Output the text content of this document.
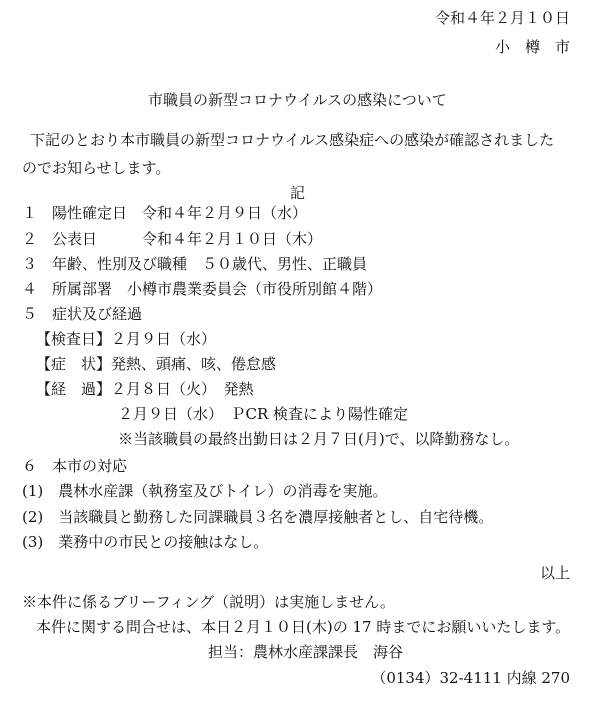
令和４年２月１０日
小　樽　市
市職員の新型コロナウイルスの感染について
下記のとおり本市職員の新型コロナウイルス感染症への感染が確認されました
のでお知らせします。
記
１ 陽性確定日 令和４年２月９日（水）
２ 公表日	令和４年２月１０日（木）
３ 年齢、性別及び職種　５０歳代、男性、正職員
４ 所属部署　小樽市農業委員会（市役所別館４階）
５ 症状及び経過
【検査日】２月９日（水）
【症　状】発熱、頭痛、咳、倦怠感
【経　過】２月８日（火）　発熱
２月９日（水）　ＰCR 検査により陽性確定
※当該職員の最終出勤日は２月７日(月)で、以降勤務なし。
６ 本市の対応
(1)　農林水産課（執務室及びトイレ）の消毒を実施。
(2)　当該職員と勤務した同課職員３名を濃厚接触者とし、自宅待機。
(3)　業務中の市民との接触はなし。
以上
※本件に係るブリーフィング（説明）は実施しません。
本件に関する問合せは、本日２月１０日(木)の 17 時までにお願いいたします。
担当：農林水産課課長　海谷
（0134）32-4111 内線 270
